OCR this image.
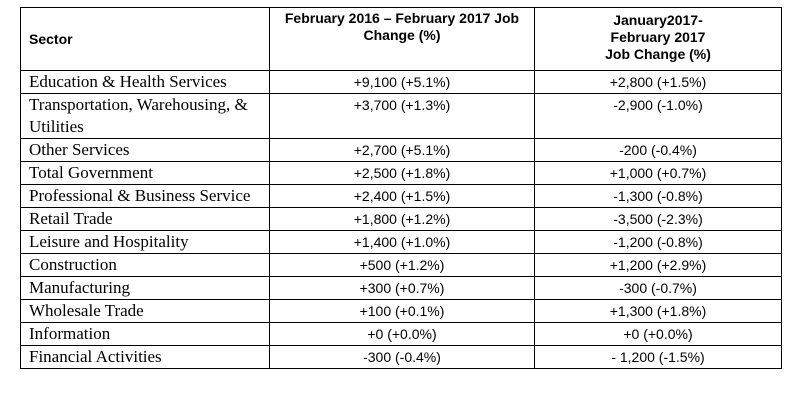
Sector	February 2016 – February 2017 Job Change (%)	January2017-
February 2017
Job Change (%)

Education & Health Services	+9,100 (+5.1%)	+2,800 (+1.5%)
Transportation, Warehousing, & Utilities	+3,700 (+1.3%)	-2,900 (-1.0%)
Other Services	+2,700 (+5.1%)	-200 (-0.4%)
Total Government	+2,500 (+1.8%)	+1,000 (+0.7%)
Professional & Business Service	+2,400 (+1.5%)	-1,300 (-0.8%)
Retail Trade	+1,800 (+1.2%)	-3,500 (-2.3%)
Leisure and Hospitality	+1,400 (+1.0%)	-1,200 (-0.8%)
Construction	+500 (+1.2%)	+1,200 (+2.9%)
Manufacturing	+300 (+0.7%)	-300 (-0.7%)
Wholesale Trade	+100 (+0.1%)	+1,300 (+1.8%)
Information	+0 (+0.0%)	+0 (+0.0%)
Financial Activities	-300 (-0.4%)	- 1,200 (-1.5%)
